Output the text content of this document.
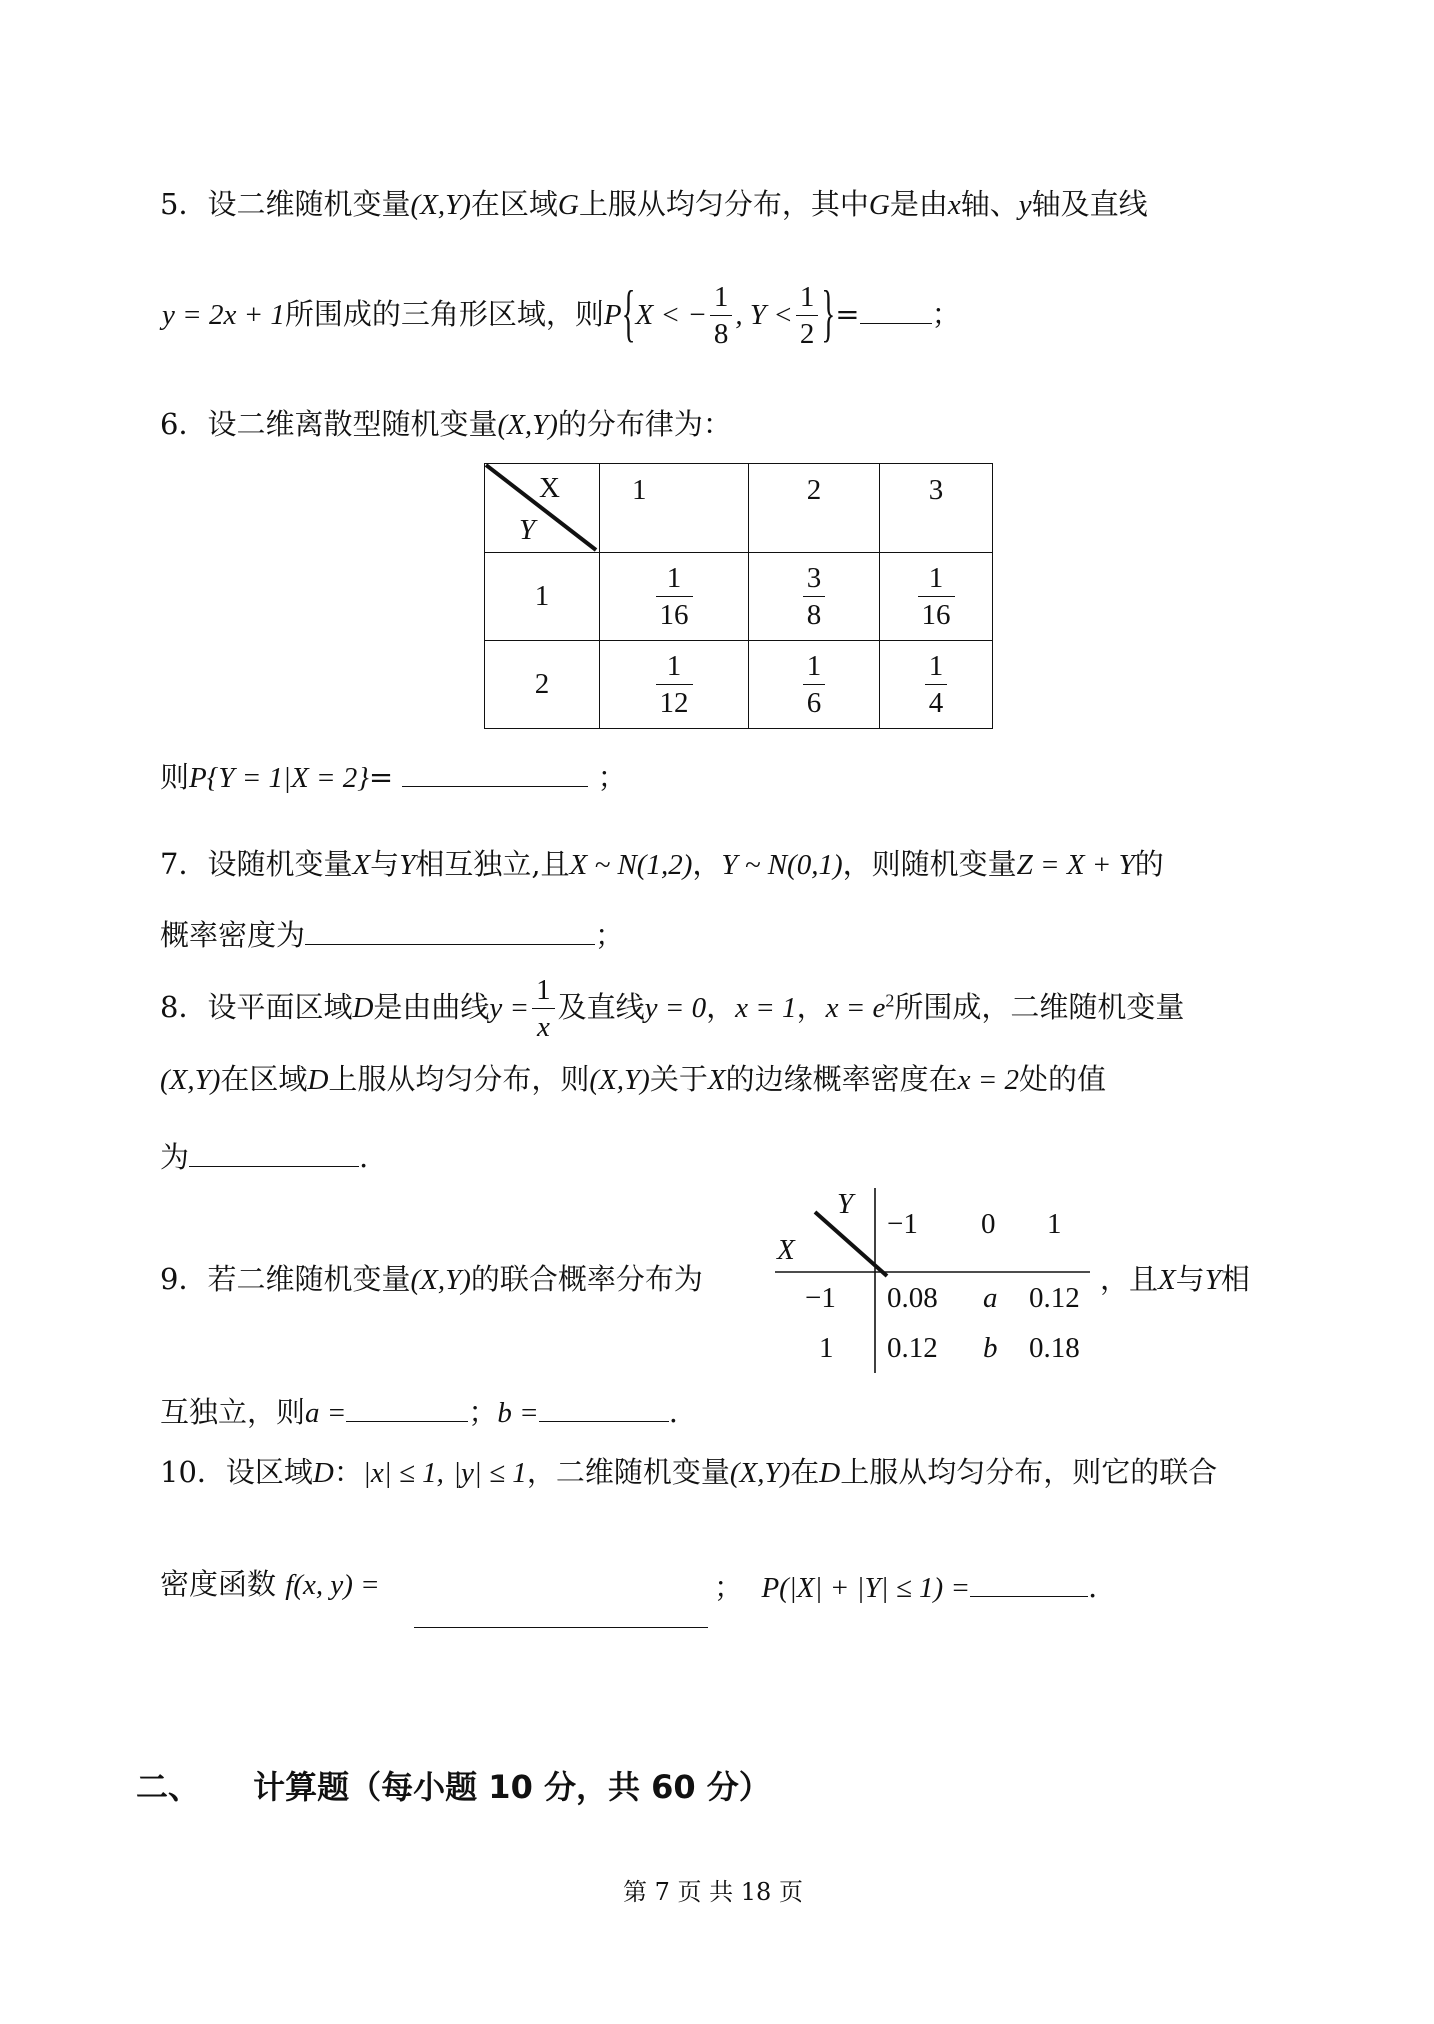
5．设二维随机变量(X,Y)在区域G上服从均匀分布，其中G是由x轴、y轴及直线
y = 2x + 1所围成的三角形区域，则P{X < − $\frac{1}{8}$ , $Y < \frac{1}{2}$ }= ；
6．设二维离散型随机变量(X,Y)的分布律为：
X
Y	1	2	3
1	$\frac{1}{16}$	$\frac{3}{8}$	$\frac{1}{16}$

2	$\frac{1}{12}$	$\frac{1}{6}$	$\frac{1}{4}$
则P{Y = 1|X = 2}=	；
7．设随机变量X与Y相互独立,且X ~ N(1,2)，Y ~ N(0,1)，则随机变量Z = X + Y的
概率密度为	；
8．设平面区域D是由曲线$y = \frac{1}{x}$ 及直线y = 0，x = 1，$x = e^2$所围成，二维随机变量
(X,Y)在区域D上服从均匀分布，则(X,Y)关于X的边缘概率密度在x = 2处的值
为	.
9．若二维随机变量(X,Y)的联合概率分布为
Y
X
−1 0 1
−1 0.08 a 0.12
1 0.12 b 0.18
，且X与Y相
互独立，则a =	；b =	.
10．设区域D：|x| ≤ 1, |y| ≤ 1，二维随机变量(X,Y)在D上服从均匀分布，则它的联合
密度函数 f(x, y) =	； P(|X| + |Y| ≤ 1) =	.
二、 计算题（每小题 10 分，共 60 分）
第 7 页 共 18 页
